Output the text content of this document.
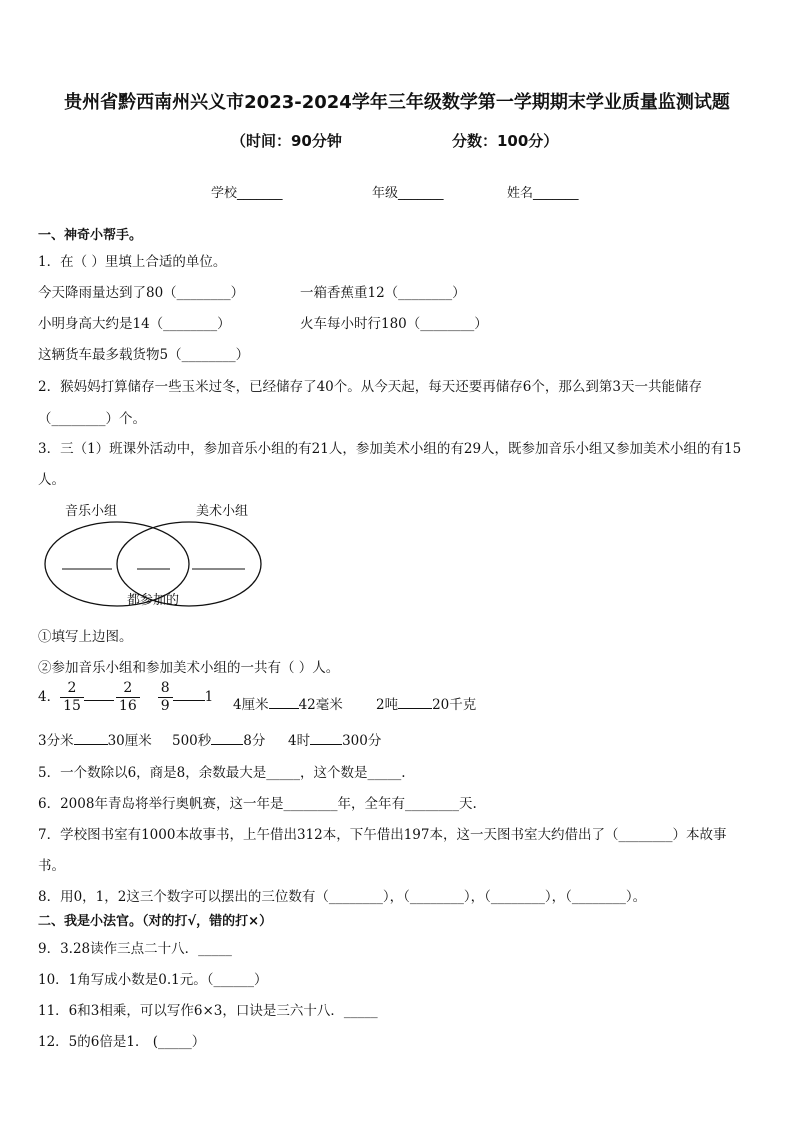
贵州省黔西南州兴义市2023-2024学年三年级数学第一学期期末学业质量监测试题
（时间：90分钟	分数：100分）
学校_______	年级_______	姓名_______
一、神奇小帮手。
1．在（ ）里填上合适的单位。
今天降雨量达到了80（________）	一箱香蕉重12（________）
小明身高大约是14（________）	火车每小时行180（________）
这辆货车最多载货物5（________）
2．猴妈妈打算储存一些玉米过冬，已经储存了40个。从今天起，每天还要再储存6个，那么到第3天一共能储存
（________）个。
3．三（1）班课外活动中，参加音乐小组的有21人，参加美术小组的有29人，既参加音乐小组又参加美术小组的有15
人。
音乐小组	美术小组
都参加的
①填写上边图。
②参加音乐小组和参加美术小组的一共有（ ）人。
4． $\frac{2}{15} \frac{2}{16} \frac{8}{9} 1$ 4厘米 42毫米 2吨	20千克
3分米	30厘米 500秒 8分 4时 300分
5．一个数除以6，商是8，余数最大是_____，这个数是_____.
6．2008年青岛将举行奥帆赛，这一年是________年，全年有________天.
7．学校图书室有1000本故事书，上午借出312本，下午借出197本，这一天图书室大约借出了（________）本故事
书。
8．用0，1，2这三个数字可以摆出的三位数有（________），（________），（________），（________）。
二、我是小法官。（对的打√，错的打×）
9．3.28读作三点二十八．_____
10．1角写成小数是0.1元。（______）
11．6和3相乘，可以写作6×3，口诀是三六十八．_____
12．5的6倍是1． (_____）
